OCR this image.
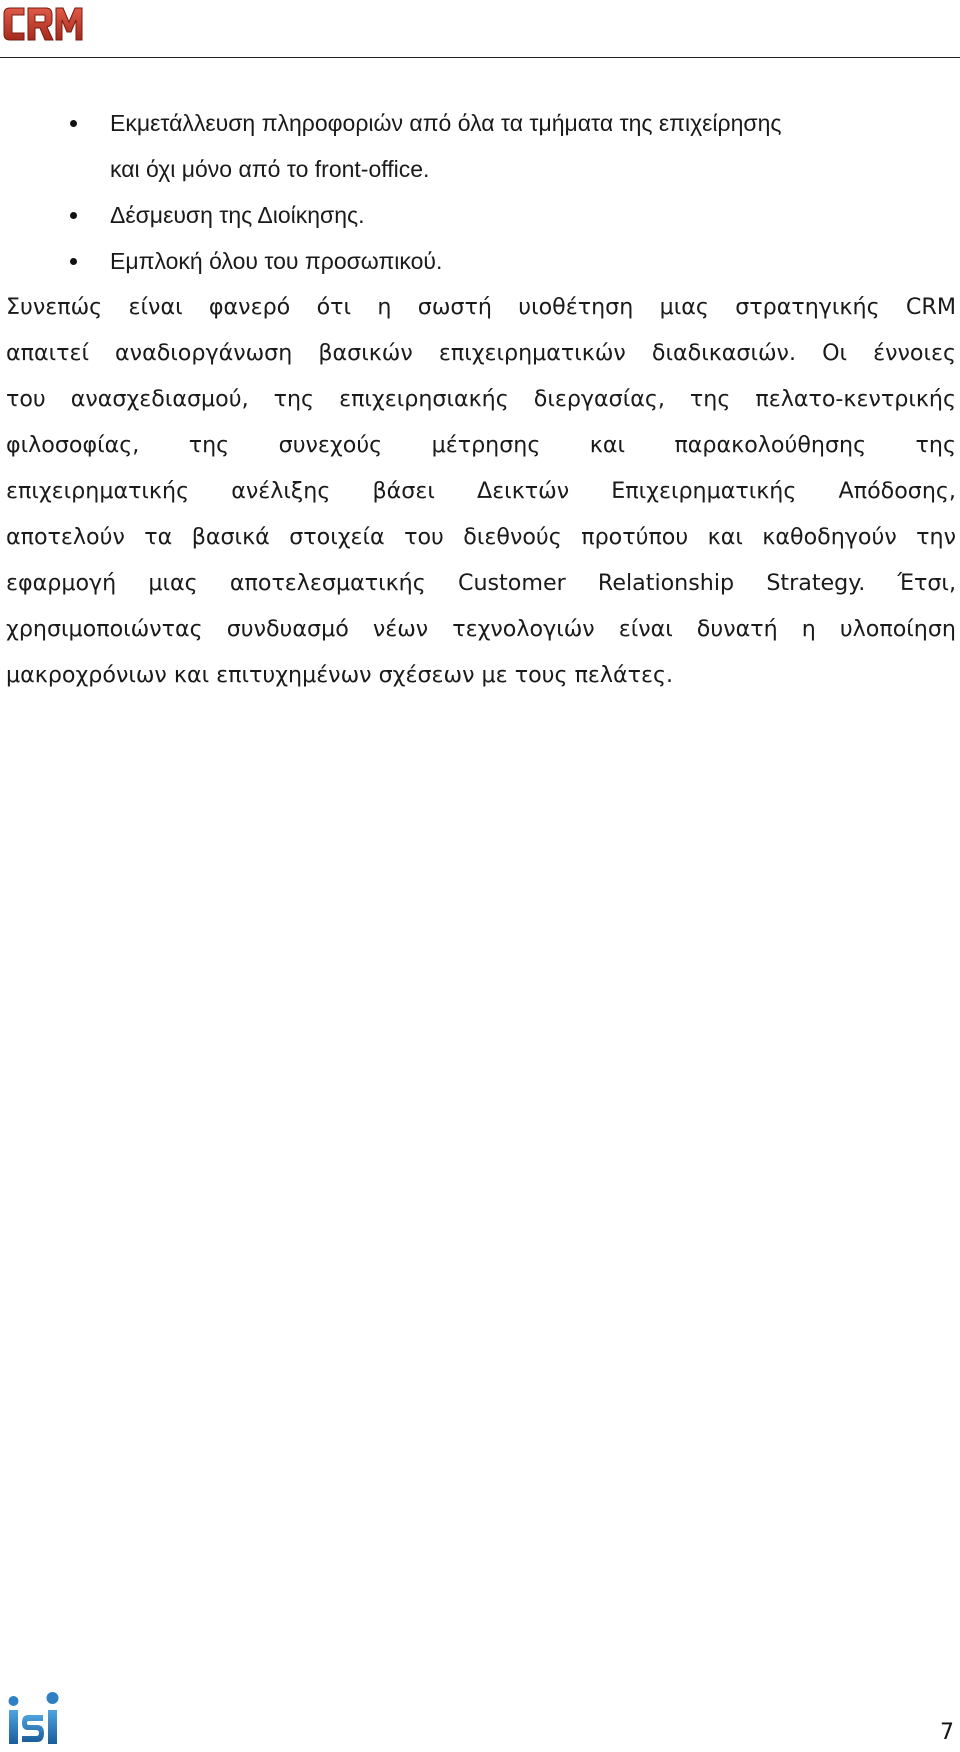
Εκμετάλλευση πληροφοριών από όλα τα τμήματα της επιχείρησης
και όχι μόνο από το front-office.
Δέσμευση της Διοίκησης.
Εμπλοκή όλου του προσωπικού.

Συνεπώς είναι φανερό ότι η σωστή υιοθέτηση μιας στρατηγικής CRM
απαιτεί αναδιοργάνωση βασικών επιχειρηματικών διαδικασιών. Οι έννοιες
του ανασχεδιασμού, της επιχειρησιακής διεργασίας, της πελατο-κεντρικής
φιλοσοφίας, της συνεχούς μέτρησης και παρακολούθησης της
επιχειρηματικής ανέλιξης βάσει Δεικτών Επιχειρηματικής Απόδοσης,
αποτελούν τα βασικά στοιχεία του διεθνούς προτύπου και καθοδηγούν την
εφαρμογή μιας αποτελεσματικής Customer Relationship Strategy. Έτσι,
χρησιμοποιώντας συνδυασμό νέων τεχνολογιών είναι δυνατή η υλοποίηση
μακροχρόνιων και επιτυχημένων σχέσεων με τους πελάτες.

7
